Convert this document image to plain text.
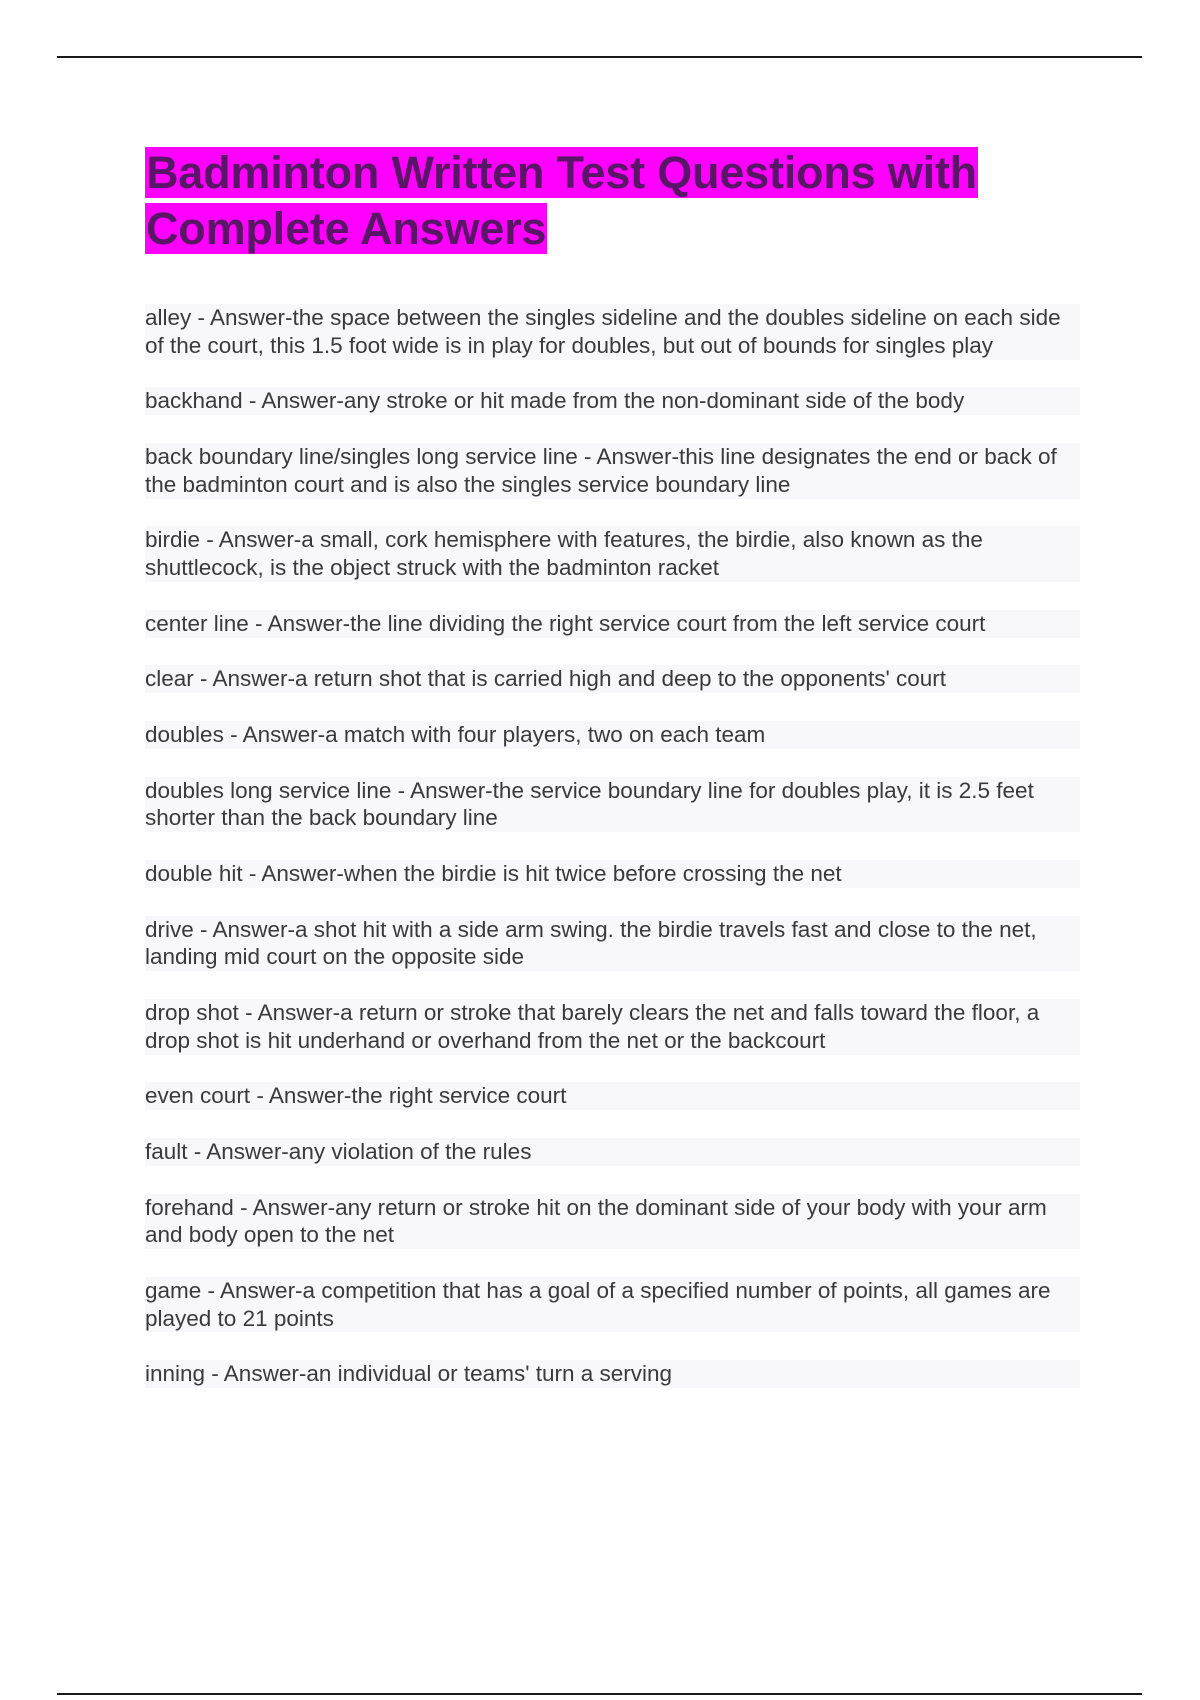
Badminton Written Test Questions with Complete Answers
alley - Answer-the space between the singles sideline and the doubles sideline on each side of the court, this 1.5 foot wide is in play for doubles, but out of bounds for singles play
backhand - Answer-any stroke or hit made from the non-dominant side of the body
back boundary line/singles long service line - Answer-this line designates the end or back of the badminton court and is also the singles service boundary line
birdie - Answer-a small, cork hemisphere with features, the birdie, also known as the shuttlecock, is the object struck with the badminton racket
center line - Answer-the line dividing the right service court from the left service court
clear - Answer-a return shot that is carried high and deep to the opponents' court
doubles - Answer-a match with four players, two on each team
doubles long service line - Answer-the service boundary line for doubles play, it is 2.5 feet shorter than the back boundary line
double hit - Answer-when the birdie is hit twice before crossing the net
drive - Answer-a shot hit with a side arm swing. the birdie travels fast and close to the net, landing mid court on the opposite side
drop shot - Answer-a return or stroke that barely clears the net and falls toward the floor, a drop shot is hit underhand or overhand from the net or the backcourt
even court - Answer-the right service court
fault - Answer-any violation of the rules
forehand - Answer-any return or stroke hit on the dominant side of your body with your arm and body open to the net
game - Answer-a competition that has a goal of a specified number of points, all games are played to 21 points
inning - Answer-an individual or teams' turn a serving
